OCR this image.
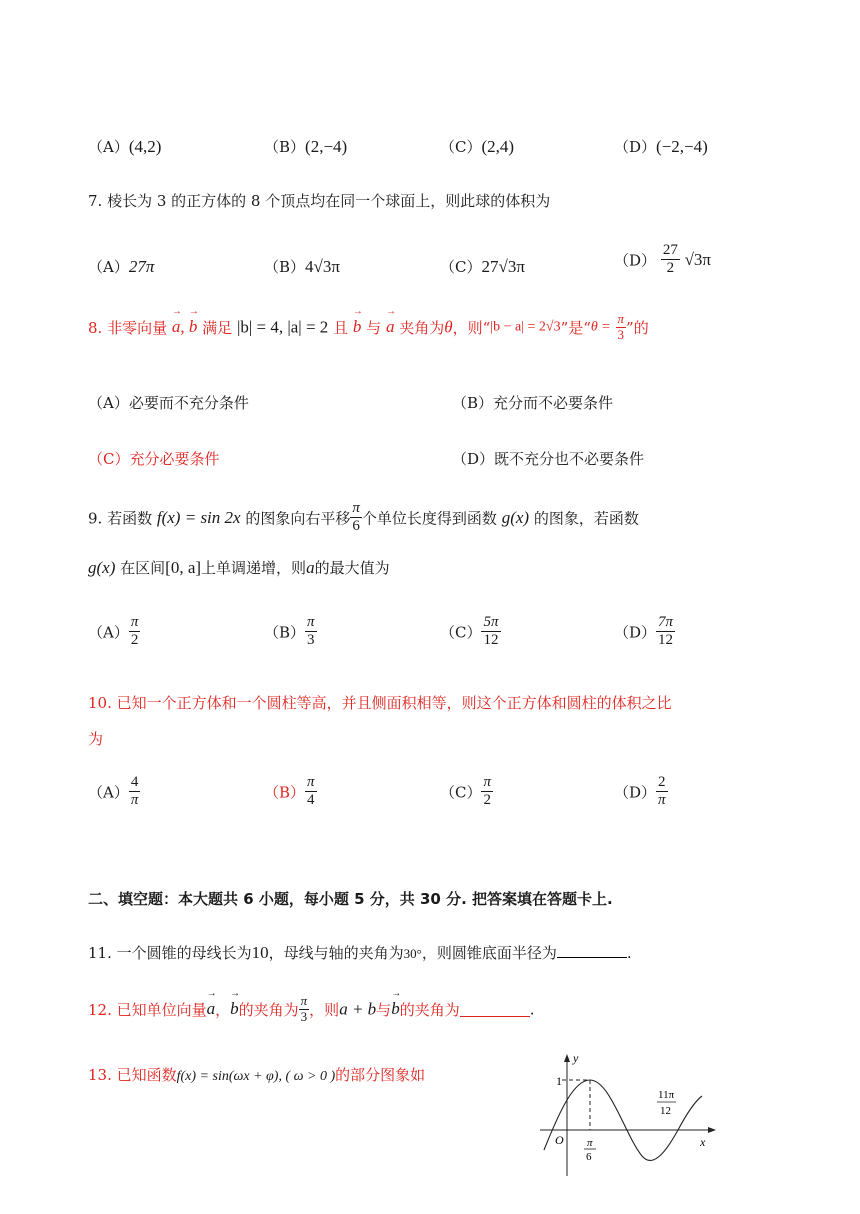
（A）(4,2)	（B）(2,−4)	（C）(2,4)	（D）(−2,−4)
7. 棱长为 3 的正方体的 8 个顶点均在同一个球面上，则此球的体积为
（A）27π	（B）4√3π	（C）27√3π	$(D) \frac{27}{2} √3\pi$
8. 非零向量 → a, → b 满足 |b| = 4, |a| = 2 且 → b 与 → a 夹角为θ，则“|b − a| = 2√3”是“$\theta = \frac{\pi}{3}$ ”的
（A）必要而不充分条件	（B）充分而不必要条件
（C）充分必要条件	（D）既不充分也不必要条件
9. 若函数 f(x) = sin 2x 的图象向右平移 $\frac{\pi}{6}$ 个单位长度得到函数 g(x) 的图象，若函数
g(x) 在区间[0, a]上单调递增，则a的最大值为
$(A) \frac{\pi}{2}$	$(B) \frac{\pi}{3}$	$(C) \frac{5\pi}{12}$	$(D) \frac{7\pi}{12}$
10. 已知一个正方体和一个圆柱等高，并且侧面积相等，则这个正方体和圆柱的体积之比
为
$(A) \frac{4}{\pi}$	$(B) \frac{\pi}{4}$	$(C) \frac{\pi}{2}$	$(D) \frac{2}{\pi}$
二、填空题：本大题共 6 小题，每小题 5 分，共 30 分. 把答案填在答题卡上.
11. 一个圆锥的母线长为10，母线与轴的夹角为30°，则圆锥底面半径为	.
12. 已知单位向量→ a，→ b的夹角为 $\frac{\pi}{3}$ ，则a + b与→ b的夹角为	.
13. 已知函数f(x) = sin(ωx + φ), ( ω > 0 )的部分图象如
y
x
O
1
π
6
11π
12
